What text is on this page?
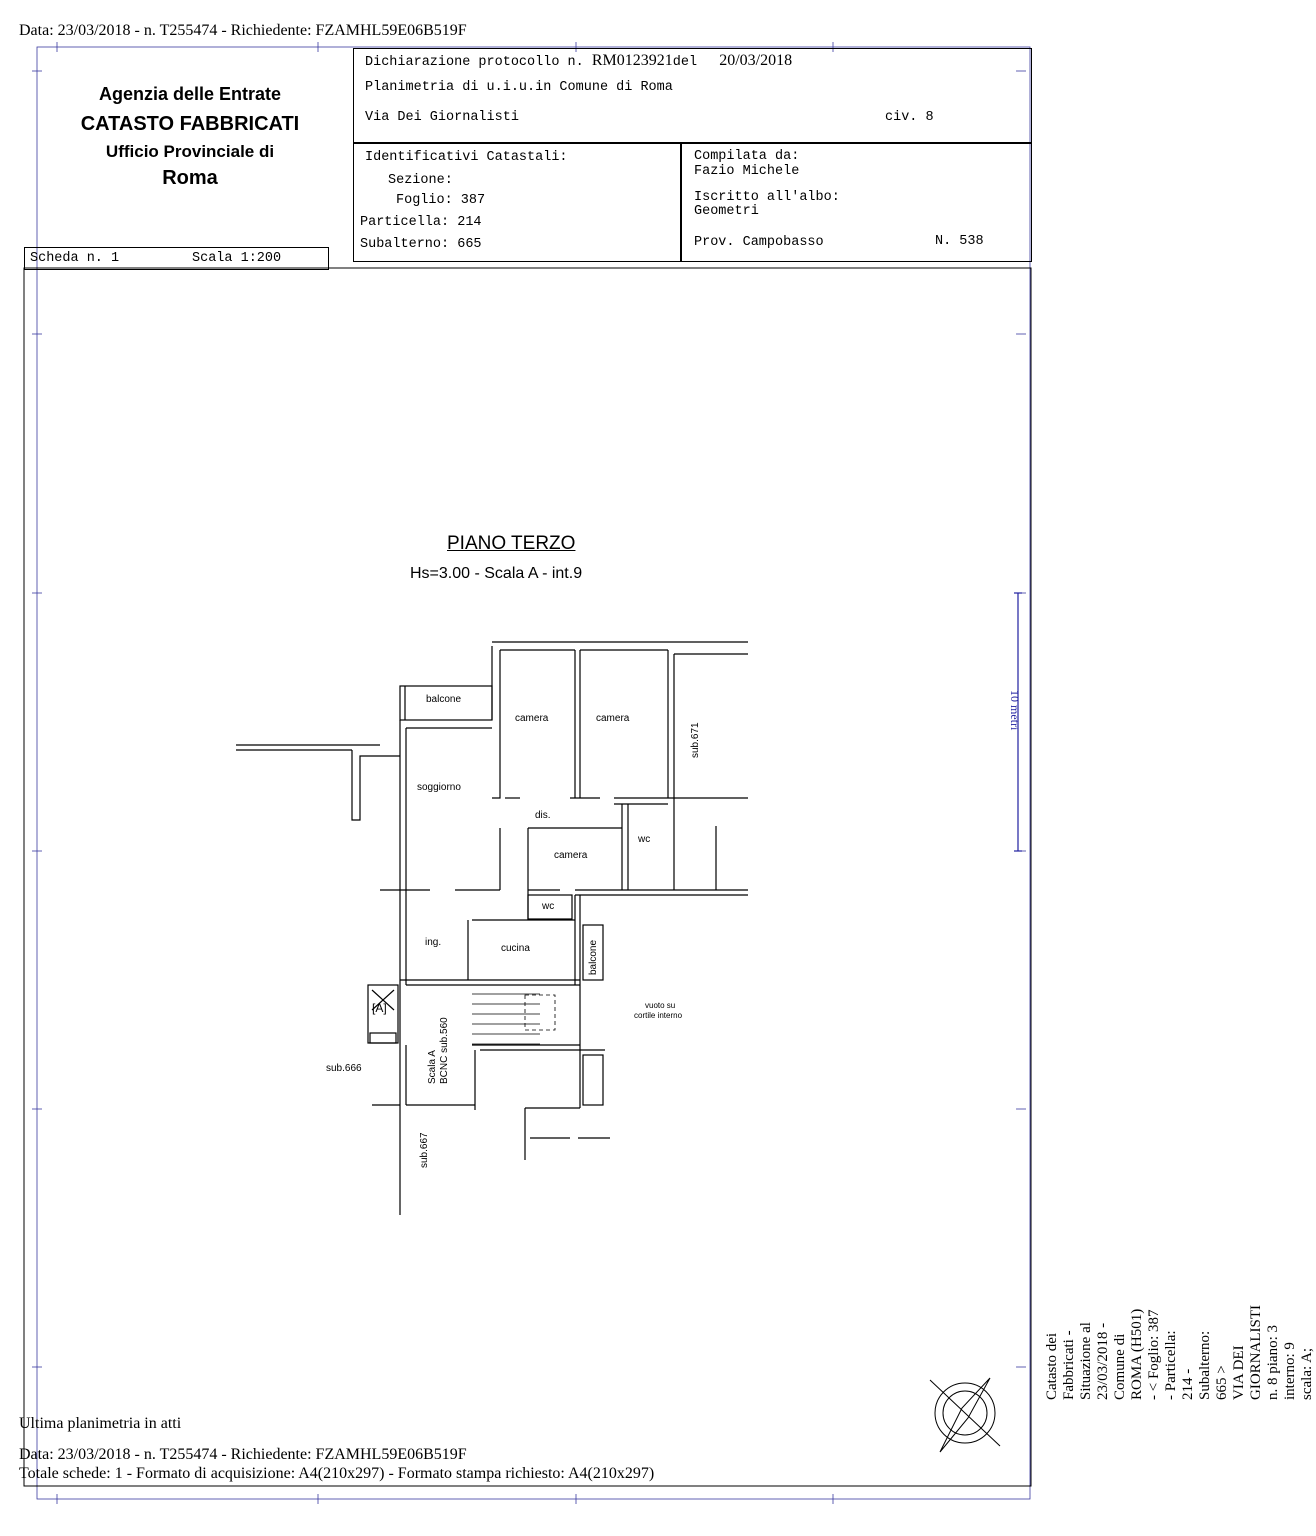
Data: 23/03/2018 - n. T255474 - Richiedente: FZAMHL59E06B519F
Agenzia delle Entrate
CATASTO FABBRICATI
Ufficio Provinciale di
Roma
Dichiarazione protocollo n. RM0123921del 20/03/2018
Planimetria di u.i.u.in Comune di Roma
Via Dei Giornalisti	civ. 8
Identificativi Catastali:
Sezione:
Foglio: 387
Particella: 214
Subalterno: 665
Compilata da:
Fazio Michele
Iscritto all'albo:
Geometri
Prov. Campobasso	N. 538
Scheda n. 1	Scala 1:200
PIANO TERZO
Hs=3.00 - Scala A - int.9
balcone
camera	camera
sub.671
soggiorno
dis.
wc
camera
wc
ing.
cucina	balcone
vuoto su
cortile interno
[A]
Scala A BCNC sub.560
sub.666
sub.667
10 metri
Catasto dei Fabbricati - Situazione al 23/03/2018 - Comune di ROMA (H501) - < Foglio: 387 - Particella: 214 - Subalterno: 665 > VIA DEI GIORNALISTI n. 8 piano: 3 interno: 9 scala: A;
Ultima planimetria in atti
Data: 23/03/2018 - n. T255474 - Richiedente: FZAMHL59E06B519F
Totale schede: 1 - Formato di acquisizione: A4(210x297) - Formato stampa richiesto: A4(210x297)
